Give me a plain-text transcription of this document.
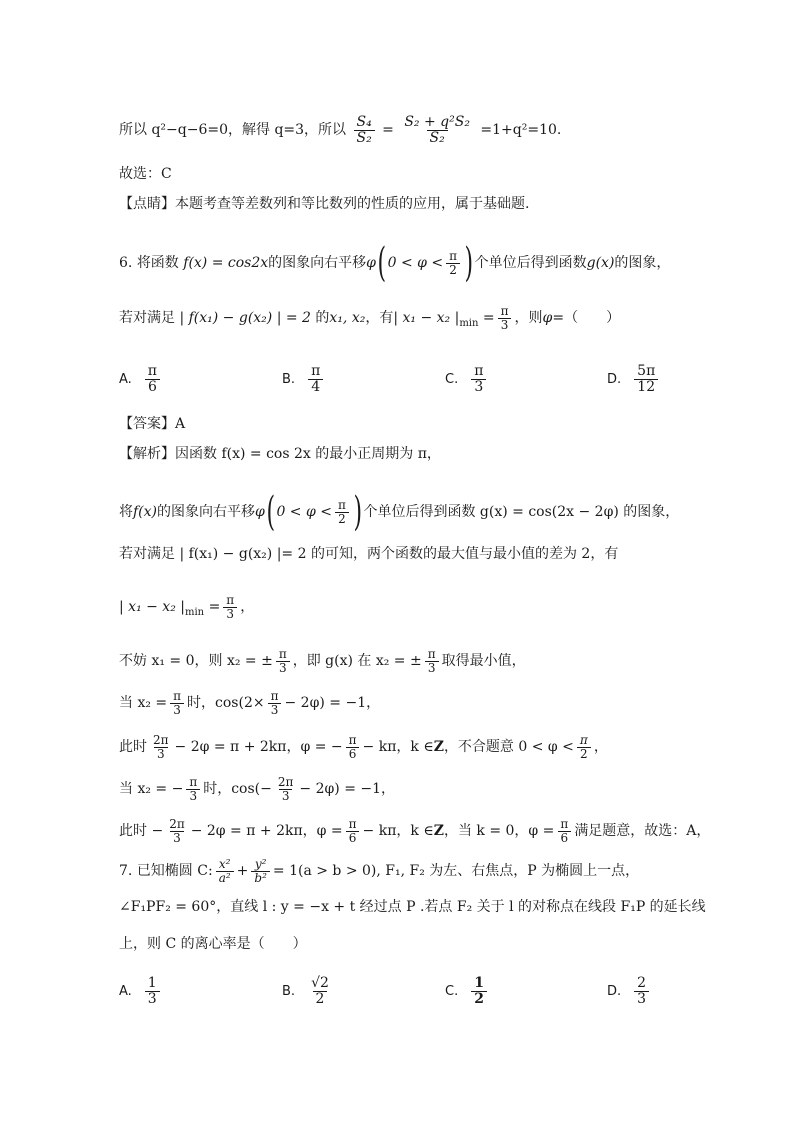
所以 q²−q−6=0，解得 q=3，所以 $\frac{\text{S₄}}{\text{S₂}} = \frac{\text{S₂ + q²S₂}}{\text{S₂}} =1+q^2=10$.
故选：C
【点睛】本题考查等差数列和等比数列的性质的应用，属于基础题.
6. 将函数 f(x) = cos2x的图象向右平移φ( $0 < \varphi < \frac{\pi}{2}$ ) 个单位后得到函数g(x)的图象，
若对满足 | f(x₁) − g(x₂) | = 2 的x₁, x₂，有| x₁ − x₂ $|_{min} = \frac{\pi}{3}$ ，则φ=（　　）
A. $\frac{\pi}{6}$	B. $\frac{\pi}{4}$	C. $\frac{\pi}{3}$	D. $\frac{5\pi}{12}$
【答案】A
【解析】因函数 f(x) = cos 2x 的最小正周期为 π，
将f(x)的图象向右平移φ( $0 < \varphi < \frac{\pi}{2}$ ) 个单位后得到函数 g(x) = cos(2x − 2φ) 的图象，
若对满足 | f(x₁) − g(x₂) |= 2 的可知，两个函数的最大值与最小值的差为 2，有
| x₁ − x₂ $|_{min} = \frac{\pi}{3}$ ，
不妨 x₁ = 0，则 x₂ = ± $\frac{\pi}{3}$ ，即 g(x) 在 x₂ = ± $\frac{\pi}{3}$ 取得最小值，
当 $x_2 = \frac{\pi}{3}$ 时，$\cos(2\times \frac{\pi}{3} - 2\varphi) = -1$，
此时 $\frac{2\pi}{3} - 2\varphi = \pi + 2k\pi$，φ = − $\frac{\pi}{6} - k\pi$，k ∈Z，不合题意 $0 < \varphi < \frac{\pi}{2}$ ，
当 x₂ = − $\frac{\pi}{3}$ 时，$\cos(- \frac{2\pi}{3} - 2\varphi) = -1$，
此时 − $\frac{2\pi}{3} - 2\varphi = \pi + 2k\pi$，$\varphi = \frac{\pi}{6} - k\pi$，k ∈Z，当 k = 0，$\varphi = \frac{\pi}{6}$ 满足题意，故选：A，
7. 已知椭圆 C: $\frac{\text{x²}}{\text{a²}} + \frac{\text{y²}}{\text{b²}} = 1(a > b > 0)$, F₁, F₂ 为左、右焦点，P 为椭圆上一点，
∠F₁PF₂ = 60°，直线 l : y = −x + t 经过点 P .若点 F₂ 关于 l 的对称点在线段 F₁P 的延长线
上，则 C 的离心率是（　　）
A. $\frac{1}{3}$	B. $\frac{√2}{2}$	C. $\frac{1}{2}$	D. $\frac{2}{3}$
